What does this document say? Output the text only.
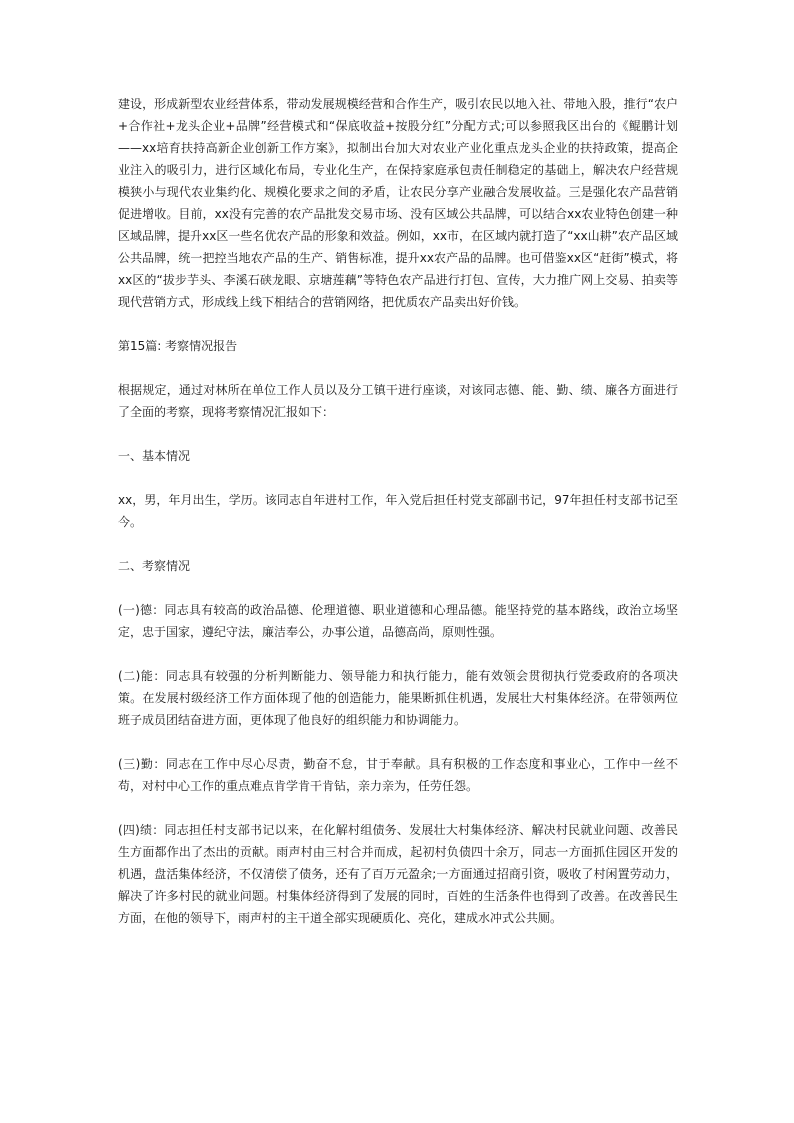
建设，形成新型农业经营体系，带动发展规模经营和合作生产，吸引农民以地入社、带地入股，推行“农户+合作社+龙头企业+品牌”经营模式和“保底收益+按股分红”分配方式;可以参照我区出台的《鲲鹏计划——xx培育扶持高新企业创新工作方案》，拟制出台加大对农业产业化重点龙头企业的扶持政策，提高企业注入的吸引力，进行区域化布局，专业化生产，在保持家庭承包责任制稳定的基础上，解决农户经营规模狭小与现代农业集约化、规模化要求之间的矛盾，让农民分享产业融合发展收益。三是强化农产品营销促进增收。目前，xx没有完善的农产品批发交易市场、没有区域公共品牌，可以结合xx农业特色创建一种区域品牌，提升xx区一些名优农产品的形象和效益。例如，xx市，在区域内就打造了“xx山耕”农产品区域公共品牌，统一把控当地农产品的生产、销售标准，提升xx农产品的品牌。也可借鉴xx区“赶街”模式，将xx区的“拔步芋头、李溪石硖龙眼、京塘莲藕”等特色农产品进行打包、宣传，大力推广网上交易、拍卖等现代营销方式，形成线上线下相结合的营销网络，把优质农产品卖出好价钱。

第15篇: 考察情况报告

根据规定，通过对林所在单位工作人员以及分工镇干进行座谈，对该同志德、能、勤、绩、廉各方面进行了全面的考察，现将考察情况汇报如下：

一、基本情况

xx，男，年月出生，学历。该同志自年进村工作，年入党后担任村党支部副书记，97年担任村支部书记至今。

二、考察情况

(一)德：同志具有较高的政治品德、伦理道德、职业道德和心理品德。能坚持党的基本路线，政治立场坚定，忠于国家，遵纪守法，廉洁奉公，办事公道，品德高尚，原则性强。

(二)能：同志具有较强的分析判断能力、领导能力和执行能力，能有效领会贯彻执行党委政府的各项决策。在发展村级经济工作方面体现了他的创造能力，能果断抓住机遇，发展壮大村集体经济。在带领两位班子成员团结奋进方面，更体现了他良好的组织能力和协调能力。

(三)勤：同志在工作中尽心尽责，勤奋不怠，甘于奉献。具有积极的工作态度和事业心，工作中一丝不苟，对村中心工作的重点难点肯学肯干肯钻，亲力亲为，任劳任怨。

(四)绩：同志担任村支部书记以来，在化解村组债务、发展壮大村集体经济、解决村民就业问题、改善民生方面都作出了杰出的贡献。雨声村由三村合并而成，起初村负债四十余万，同志一方面抓住园区开发的机遇，盘活集体经济，不仅清偿了债务，还有了百万元盈余;一方面通过招商引资，吸收了村闲置劳动力，解决了许多村民的就业问题。村集体经济得到了发展的同时，百姓的生活条件也得到了改善。在改善民生方面，在他的领导下，雨声村的主干道全部实现硬质化、亮化，建成水冲式公共厕。
